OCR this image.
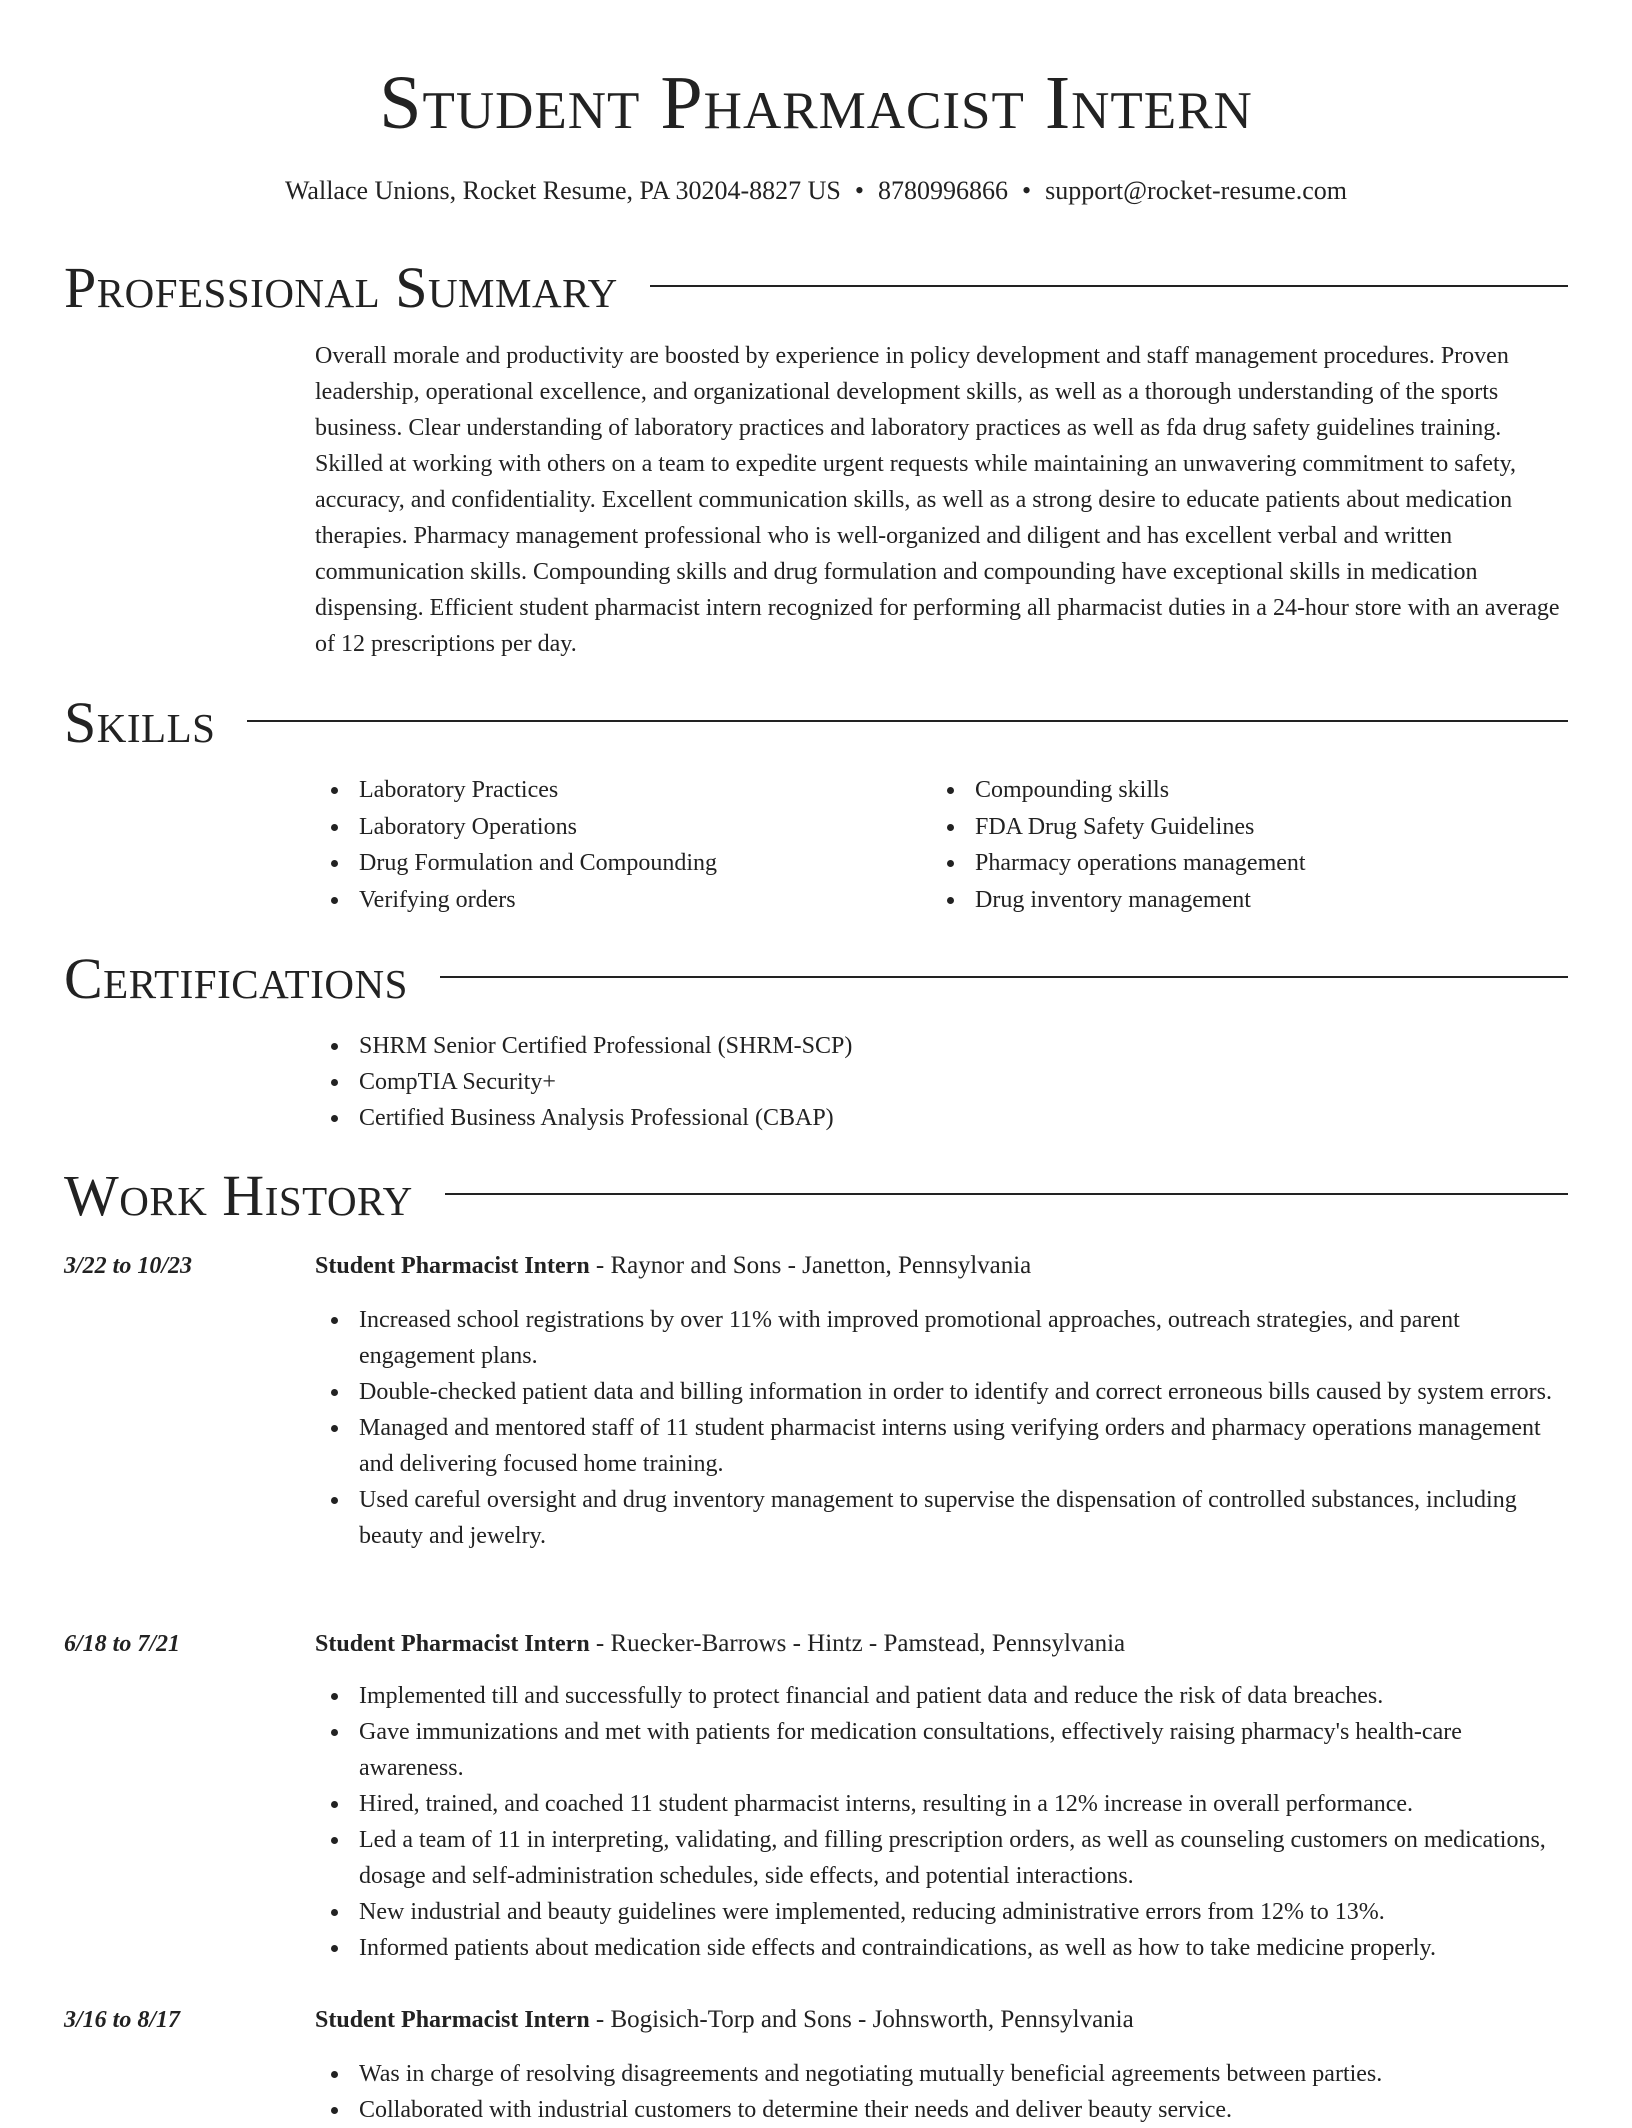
Student Pharmacist Intern
Wallace Unions, Rocket Resume, PA 30204-8827 US • 8780996866 • support@rocket-resume.com
Professional Summary

Overall morale and productivity are boosted by experience in policy development and staff management procedures. Proven leadership, operational excellence, and organizational development skills, as well as a thorough understanding of the sports business. Clear understanding of laboratory practices and laboratory practices as well as fda drug safety guidelines training. Skilled at working with others on a team to expedite urgent requests while maintaining an unwavering commitment to safety, accuracy, and confidentiality. Excellent communication skills, as well as a strong desire to educate patients about medication therapies. Pharmacy management professional who is well-organized and diligent and has excellent verbal and written communication skills. Compounding skills and drug formulation and compounding have exceptional skills in medication dispensing. Efficient student pharmacist intern recognized for performing all pharmacist duties in a 24-hour store with an average of 12 prescriptions per day.

Skills
Laboratory Practices
Laboratory Operations
Drug Formulation and Compounding
Verifying orders
Compounding skills
FDA Drug Safety Guidelines
Pharmacy operations management
Drug inventory management
Certifications
SHRM Senior Certified Professional (SHRM-SCP)
CompTIA Security+
Certified Business Analysis Professional (CBAP)
Work History
3/22 to 10/23	Student Pharmacist Intern - Raynor and Sons - Janetton, Pennsylvania
Increased school registrations by over 11% with improved promotional approaches, outreach strategies, and parent engagement plans.
Double-checked patient data and billing information in order to identify and correct erroneous bills caused by system errors.
Managed and mentored staff of 11 student pharmacist interns using verifying orders and pharmacy operations management and delivering focused home training.
Used careful oversight and drug inventory management to supervise the dispensation of controlled substances, including beauty and jewelry.
6/18 to 7/21	Student Pharmacist Intern - Ruecker-Barrows - Hintz - Pamstead, Pennsylvania
Implemented till and successfully to protect financial and patient data and reduce the risk of data breaches.
Gave immunizations and met with patients for medication consultations, effectively raising pharmacy's health-care awareness.
Hired, trained, and coached 11 student pharmacist interns, resulting in a 12% increase in overall performance.
Led a team of 11 in interpreting, validating, and filling prescription orders, as well as counseling customers on medications, dosage and self-administration schedules, side effects, and potential interactions.
New industrial and beauty guidelines were implemented, reducing administrative errors from 12% to 13%.
Informed patients about medication side effects and contraindications, as well as how to take medicine properly.
3/16 to 8/17	Student Pharmacist Intern - Bogisich-Torp and Sons - Johnsworth, Pennsylvania
Was in charge of resolving disagreements and negotiating mutually beneficial agreements between parties.
Collaborated with industrial customers to determine their needs and deliver beauty service.
